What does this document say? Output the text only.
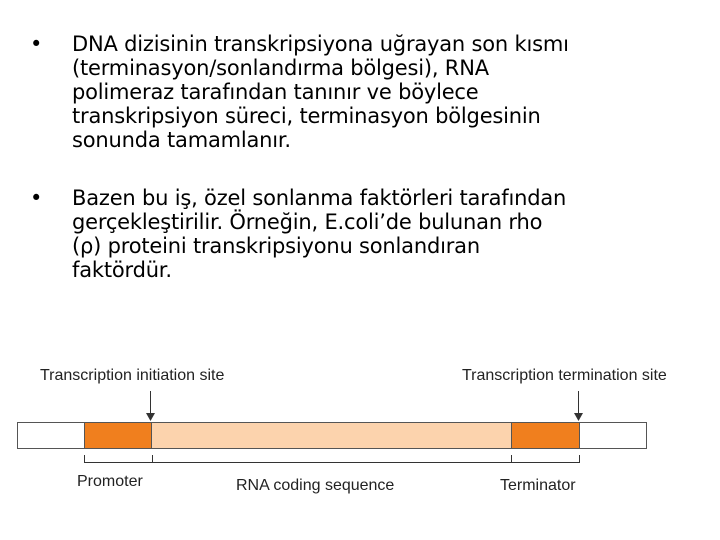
• DNA dizisinin transkripsiyona uğrayan son kısmı
(terminasyon/sonlandırma bölgesi), RNA
polimeraz tarafından tanınır ve böylece
transkripsiyon süreci, terminasyon bölgesinin
sonunda tamamlanır.
• Bazen bu iş, özel sonlanma faktörleri tarafından
gerçekleştirilir. Örneğin, E.coli’de bulunan rho
(ρ) proteini transkripsiyonu sonlandıran
faktördür.
Transcription initiation site	Transcription termination site
Promoter	RNA coding sequence	Terminator
